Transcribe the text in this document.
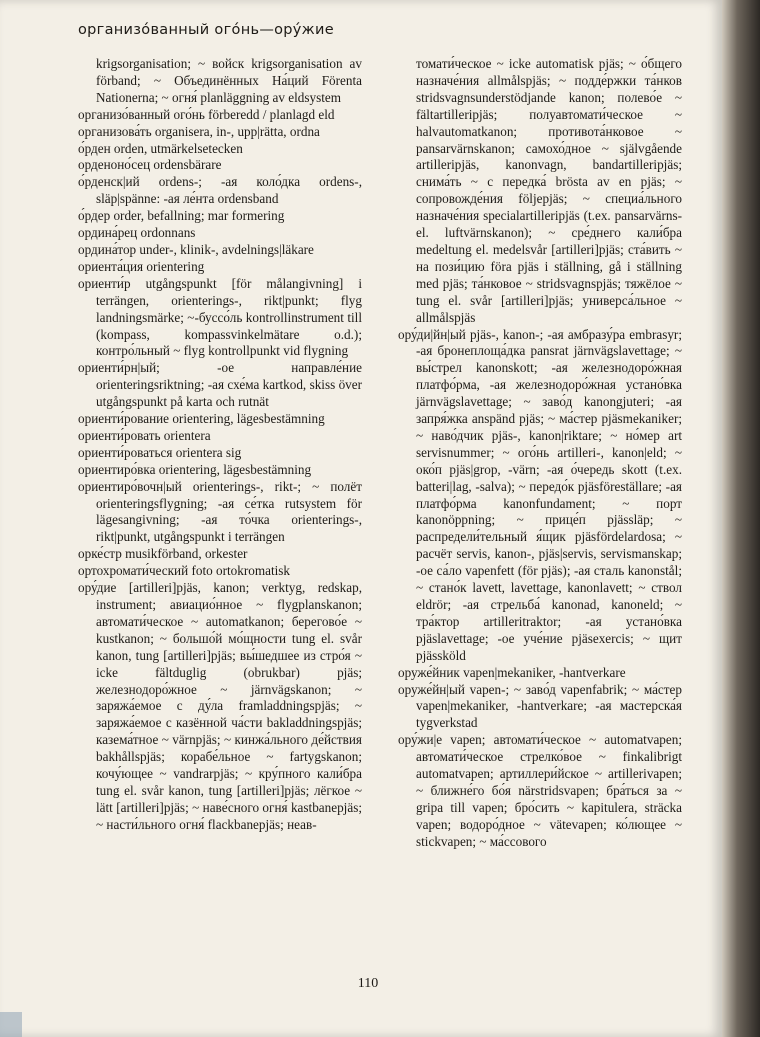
организо́ванный ого́нь—ору́жие

krigsorganisation; ~ войск krigsorganisation av förband; ~ Объединённых На́ций Förenta Nationerna; ~ огня́ planläggning av eldsystem

организо́ванный ого́нь förberedd / planlagd eld

организова́ть organisera, in-, upp|rätta, ordna

о́рден orden, utmärkelsetecken

орденоно́сец ordensbärare

о́рденск|ий ordens-; -ая коло́дка ordens-, släp|spänne: -ая ле́нта ordensband

о́рдер order, befallning; mar formering

ордина́рец ordonnans

ордина́тор under-, klinik-, avdelnings|läkare

ориента́ция orientering

ориенти́р utgångspunkt [för målangivning] i terrängen, orienterings-, rikt|punkt; flyg landningsmärke; ~-буссо́ль kontrollinstrument till (kompass, kompassvinkelmätare o.d.); контро́льный ~ flyg kontrollpunkt vid flygning

ориенти́рн|ый; -ое направле́ние orienteringsriktning; -ая схе́ма kartkod, skiss över utgångspunkt på karta och rutnät

ориенти́рование orientering, lägesbestämning

ориенти́ровать orientera

ориенти́роваться orientera sig

ориентиро́вка orientering, lägesbestämning

ориентиро́вочн|ый orienterings-, rikt-; ~ полёт orienteringsflygning; -ая се́тка rutsystem för lägesangivning; -ая то́чка orienterings-, rikt|punkt, utgångspunkt i terrängen

орке́стр musikförband, orkester

ортохромати́ческий foto ortokromatisk

ору́дие [artilleri]pjäs, kanon; verktyg, redskap, instrument; авиацио́нное ~ flygplanskanon; автомати́ческое ~ automatkanon; берегово́е ~ kustkanon; ~ большо́й мо́щности tung el. svår kanon, tung [artilleri]pjäs; вы́шедшее из стро́я ~ icke fältduglig (obrukbar) pjäs; железнодоро́жное ~ järnvägskanon; ~ заряжа́емое с ду́ла framladdningspjäs; ~ заряжа́емое с казённой ча́сти bakladdningspjäs; казема́тное ~ värnpjäs; ~ кинжа́льного де́йствия bakhållspjäs; корабе́льное ~ fartygskanon; кочу́ющее ~ vandrarpjäs; ~ кру́пного кали́бра tung el. svår kanon, tung [artilleri]pjäs; лёгкое ~ lätt [artilleri]pjäs; ~ наве́сного огня́ kastbanepjäs; ~ насти́льного огня́ flackbanepjäs; неав-

томати́ческое ~ icke automatisk pjäs; ~ о́бщего назначе́ния allmålspjäs; ~ подде́ржки та́нков stridsvagnsunderstödjande kanon; полево́е ~ fältartilleripjäs; полуавтомати́ческое ~ halvautomatkanon; противота́нковое ~ pansarvärnskanon; самохо́дное ~ självgående artilleripjäs, kanonvagn, bandartilleripjäs; снима́ть ~ с передка́ brösta av en pjäs; ~ сопровожде́ния följepjäs; ~ специа́льного назначе́ния specialartilleripjäs (t.ex. pansarvärns- el. luftvärnskanon); ~ сре́днего кали́бра medeltung el. medelsvår [artilleri]pjäs; ста́вить ~ на пози́цию föra pjäs i ställning, gå i ställning med pjäs; та́нковое ~ stridsvagnspjäs; тяжёлое ~ tung el. svår [artilleri]pjäs; универса́льное ~ allmålspjäs

ору́ди|йн|ый pjäs-, kanon-; -ая амбразу́ра embrasyr; -ая бронеплоща́дка pansrat järnvägslavettage; ~ вы́стрел kanonskott; -ая железнодоро́жная платфо́рма, -ая железнодоро́жная устано́вка järnvägslavettage; ~ заво́д kanongjuteri; -ая запря́жка anspänd pjäs; ~ ма́стер pjäsmekaniker; ~ наво́дчик pjäs-, kanon|riktare; ~ но́мер art servisnummer; ~ ого́нь artilleri-, kanon|eld; ~ око́п pjäs|grop, -värn; -ая о́чередь skott (t.ex. batteri|lag, -salva); ~ передо́к pjäsföreställare; -ая платфо́рма kanonfundament; ~ порт kanonöppning; ~ прице́п pjässläp; ~ распредели́тельный я́щик pjäsfördelardosa; ~ расчёт servis, kanon-, pjäs|servis, servismanskap; -ое са́ло vapenfett (för pjäs); -ая сталь kanonstål; ~ стано́к lavett, lavettage, kanonlavett; ~ ствол eldrör; -ая стрельба́ kanonad, kanoneld; ~ тра́ктор artilleritraktor; -ая устано́вка pjäslavettage; -ое уче́ние pjäsexercis; ~ щит pjässköld

оруже́йник vapen|mekaniker, -hantverkare

оруже́йн|ый vapen-; ~ заво́д vapenfabrik; ~ ма́стер vapen|mekaniker, -hantverkare; -ая мастерска́я tygverkstad

ору́жи|е vapen; автомати́ческое ~ automatvapen; автомати́ческое стрелко́вое ~ finkalibrigt automatvapen; артиллери́йское ~ artillerivapen; ~ ближне́го бо́я närstridsvapen; бра́ться за ~ gripa till vapen; бро́сить ~ kapitulera, sträcka vapen; водоро́дное ~ vätevapen; ко́лющее ~ stickvapen; ~ ма́ссового

110
